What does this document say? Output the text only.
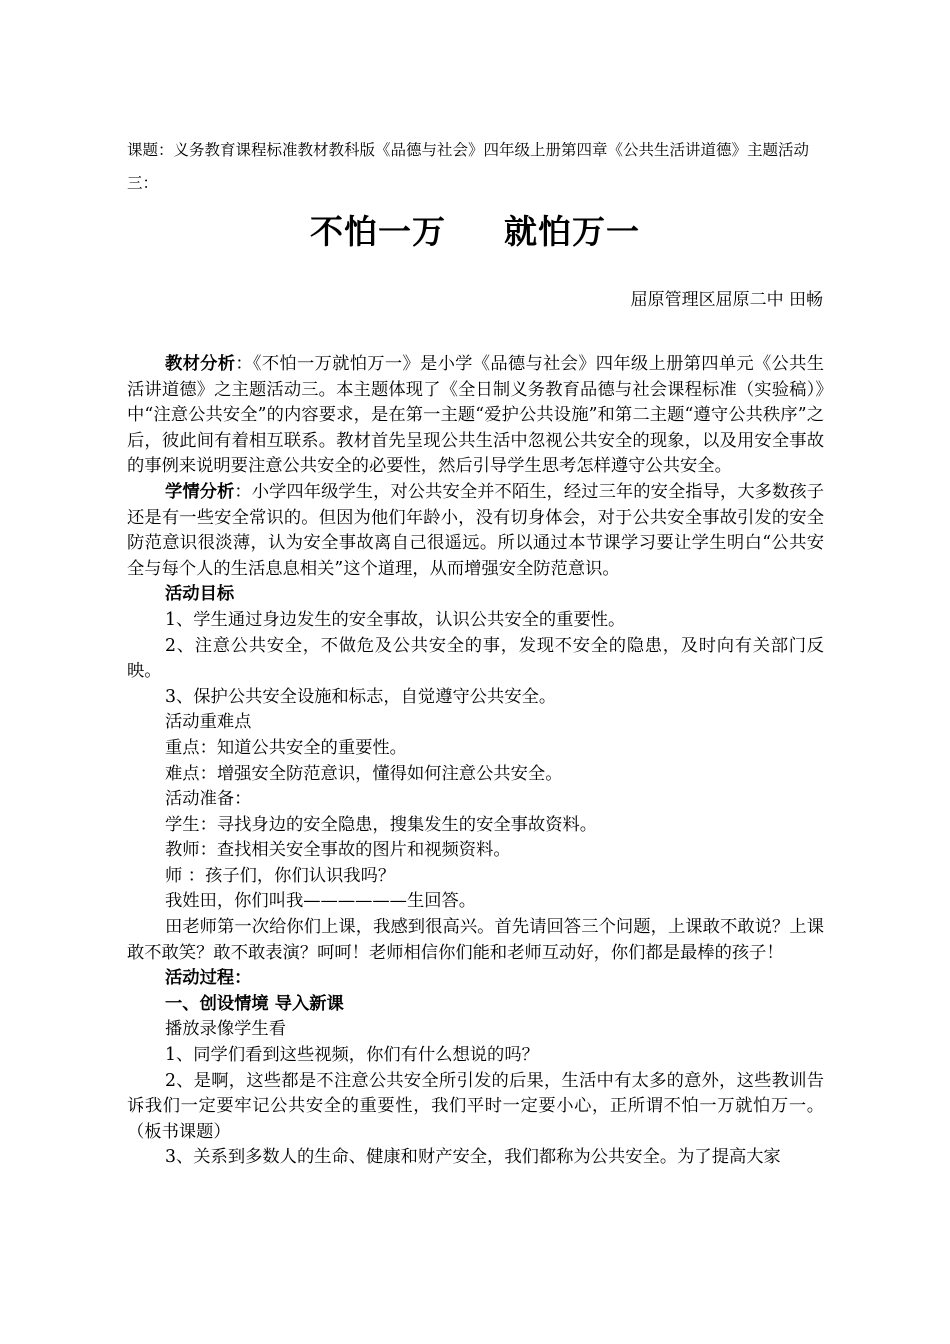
课题：义务教育课程标准教材教科版《品德与社会》四年级上册第四章《公共生活讲道德》主题活动三：
不怕一万 就怕万一
屈原管理区屈原二中 田畅

教材分析：《不怕一万就怕万一》是小学《品德与社会》四年级上册第四单元《公共生活讲道德》之主题活动三。本主题体现了《全日制义务教育品德与社会课程标准（实验稿）》中“注意公共安全”的内容要求，是在第一主题“爱护公共设施”和第二主题“遵守公共秩序”之后，彼此间有着相互联系。教材首先呈现公共生活中忽视公共安全的现象，以及用安全事故的事例来说明要注意公共安全的必要性，然后引导学生思考怎样遵守公共安全。

学情分析：小学四年级学生，对公共安全并不陌生，经过三年的安全指导，大多数孩子还是有一些安全常识的。但因为他们年龄小，没有切身体会，对于公共安全事故引发的安全防范意识很淡薄，认为安全事故离自己很遥远。所以通过本节课学习要让学生明白“公共安全与每个人的生活息息相关”这个道理，从而增强安全防范意识。

活动目标

1、学生通过身边发生的安全事故，认识公共安全的重要性。

2、注意公共安全，不做危及公共安全的事，发现不安全的隐患，及时向有关部门反映。

3、保护公共安全设施和标志，自觉遵守公共安全。

活动重难点

重点：知道公共安全的重要性。

难点：增强安全防范意识，懂得如何注意公共安全。

活动准备：

学生：寻找身边的安全隐患，搜集发生的安全事故资料。

教师：查找相关安全事故的图片和视频资料。

师 ：孩子们，你们认识我吗？

我姓田，你们叫我——————生回答。

田老师第一次给你们上课，我感到很高兴。首先请回答三个问题，上课敢不敢说？上课敢不敢笑？敢不敢表演？呵呵！老师相信你们能和老师互动好，你们都是最棒的孩子！

活动过程：

一、创设情境 导入新课

播放录像学生看

1、同学们看到这些视频，你们有什么想说的吗？

2、是啊，这些都是不注意公共安全所引发的后果，生活中有太多的意外，这些教训告诉我们一定要牢记公共安全的重要性，我们平时一定要小心，正所谓不怕一万就怕万一。（板书课题）

3、关系到多数人的生命、健康和财产安全，我们都称为公共安全。为了提高大家
